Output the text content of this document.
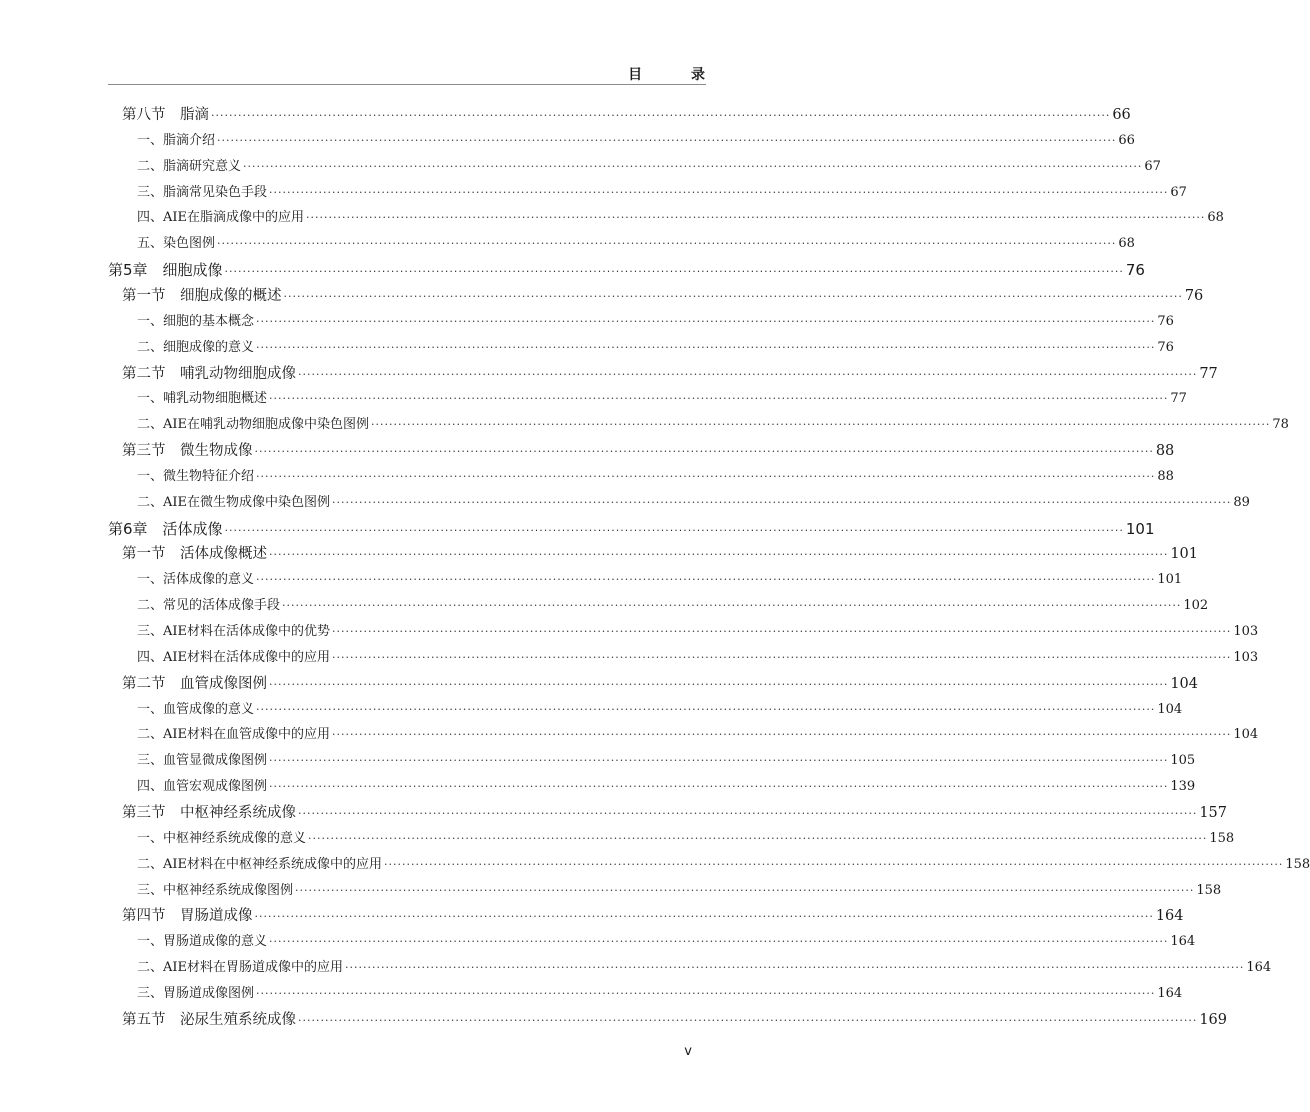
目 录
第八节　脂滴 ········································································································································································································ 66
一、脂滴介绍 ········································································································································································································ 66
二、脂滴研究意义 ········································································································································································································ 67
三、脂滴常见染色手段 ········································································································································································································ 67
四、AIE在脂滴成像中的应用 ········································································································································································································ 68
五、染色图例 ········································································································································································································ 68
第5章　细胞成像 ········································································································································································································ 76
第一节　细胞成像的概述 ········································································································································································································ 76
一、细胞的基本概念 ········································································································································································································ 76
二、细胞成像的意义 ········································································································································································································ 76
第二节　哺乳动物细胞成像 ········································································································································································································ 77
一、哺乳动物细胞概述 ········································································································································································································ 77
二、AIE在哺乳动物细胞成像中染色图例 ········································································································································································································ 78
第三节　微生物成像 ········································································································································································································ 88
一、微生物特征介绍 ········································································································································································································ 88
二、AIE在微生物成像中染色图例 ········································································································································································································ 89
第6章　活体成像 ········································································································································································································ 101
第一节　活体成像概述 ········································································································································································································ 101
一、活体成像的意义 ········································································································································································································ 101
二、常见的活体成像手段 ········································································································································································································ 102
三、AIE材料在活体成像中的优势 ········································································································································································································ 103
四、AIE材料在活体成像中的应用 ········································································································································································································ 103
第二节　血管成像图例 ········································································································································································································ 104
一、血管成像的意义 ········································································································································································································ 104
二、AIE材料在血管成像中的应用 ········································································································································································································ 104
三、血管显微成像图例 ········································································································································································································ 105
四、血管宏观成像图例 ········································································································································································································ 139
第三节　中枢神经系统成像 ········································································································································································································ 157
一、中枢神经系统成像的意义 ········································································································································································································ 158
二、AIE材料在中枢神经系统成像中的应用 ········································································································································································································ 158
三、中枢神经系统成像图例 ········································································································································································································ 158
第四节　胃肠道成像 ········································································································································································································ 164
一、胃肠道成像的意义 ········································································································································································································ 164
二、AIE材料在胃肠道成像中的应用 ········································································································································································································ 164
三、胃肠道成像图例 ········································································································································································································ 164
第五节　泌尿生殖系统成像 ········································································································································································································ 169
v
